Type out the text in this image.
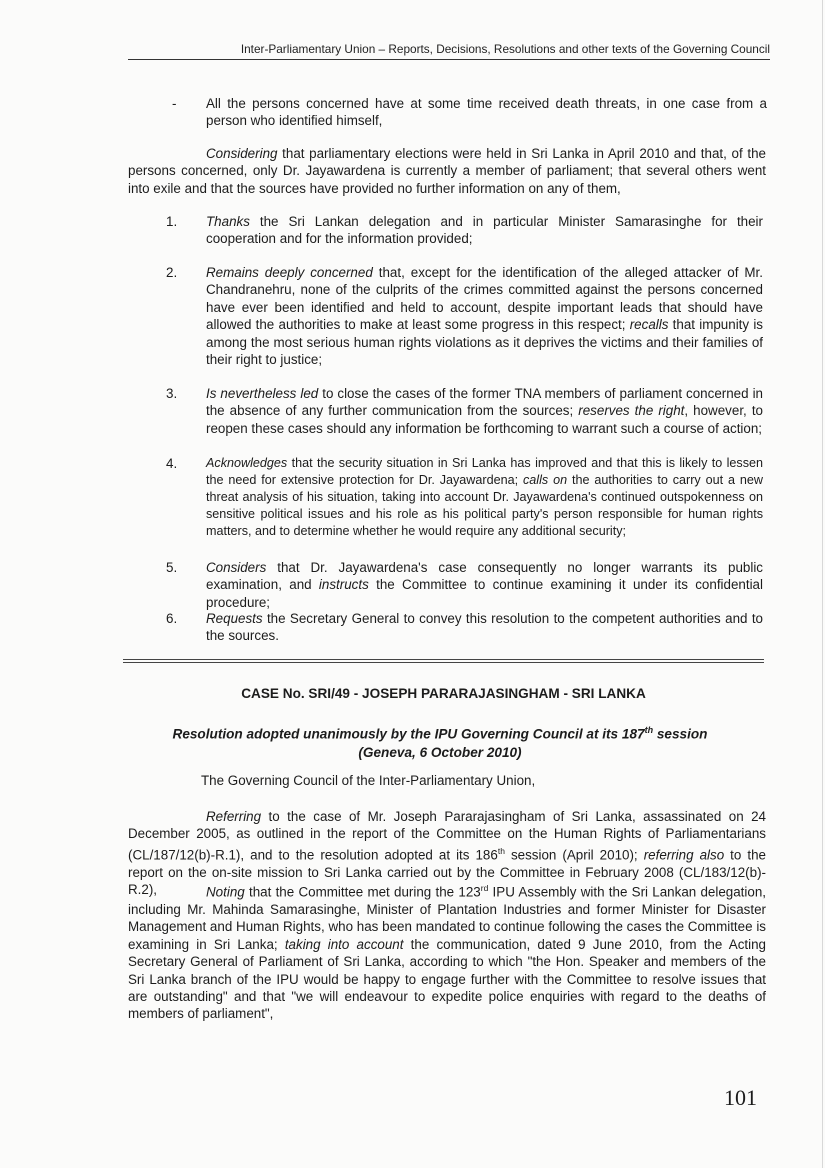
Inter-Parliamentary Union – Reports, Decisions, Resolutions and other texts of the Governing Council
- All the persons concerned have at some time received death threats, in one case from a person who identified himself,

Considering that parliamentary elections were held in Sri Lanka in April 2010 and that, of the persons concerned, only Dr. Jayawardena is currently a member of parliament; that several others went into exile and that the sources have provided no further information on any of them,

1. Thanks the Sri Lankan delegation and in particular Minister Samarasinghe for their cooperation and for the information provided;

2. Remains deeply concerned that, except for the identification of the alleged attacker of Mr. Chandranehru, none of the culprits of the crimes committed against the persons concerned have ever been identified and held to account, despite important leads that should have allowed the authorities to make at least some progress in this respect; recalls that impunity is among the most serious human rights violations as it deprives the victims and their families of their right to justice;

3. Is nevertheless led to close the cases of the former TNA members of parliament concerned in the absence of any further communication from the sources; reserves the right, however, to reopen these cases should any information be forthcoming to warrant such a course of action;

4. Acknowledges that the security situation in Sri Lanka has improved and that this is likely to lessen the need for extensive protection for Dr. Jayawardena; calls on the authorities to carry out a new threat analysis of his situation, taking into account Dr. Jayawardena's continued outspokenness on sensitive political issues and his role as his political party's person responsible for human rights matters, and to determine whether he would require any additional security;

5. Considers that Dr. Jayawardena's case consequently no longer warrants its public examination, and instructs the Committee to continue examining it under its confidential procedure;

6. Requests the Secretary General to convey this resolution to the competent authorities and to the sources.

CASE No. SRI/49 - JOSEPH PARARAJASINGHAM - SRI LANKA
Resolution adopted unanimously by the IPU Governing Council at its 187th session
(Geneva, 6 October 2010)

The Governing Council of the Inter-Parliamentary Union,

Referring to the case of Mr. Joseph Pararajasingham of Sri Lanka, assassinated on 24 December 2005, as outlined in the report of the Committee on the Human Rights of Parliamentarians (CL/187/12(b)-R.1), and to the resolution adopted at its 186th session (April 2010); referring also to the report on the on-site mission to Sri Lanka carried out by the Committee in February 2008 (CL/183/12(b)-R.2),	Noting that the Committee met during the 123rd IPU Assembly with the Sri Lankan delegation, including Mr. Mahinda Samarasinghe, Minister of Plantation Industries and former Minister for Disaster Management and Human Rights, who has been mandated to continue following the cases the Committee is examining in Sri Lanka; taking into account the communication, dated 9 June 2010, from the Acting Secretary General of Parliament of Sri Lanka, according to which "the Hon. Speaker and members of the Sri Lanka branch of the IPU would be happy to engage further with the Committee to resolve issues that are outstanding" and that "we will endeavour to expedite police enquiries with regard to the deaths of members of parliament",

101
